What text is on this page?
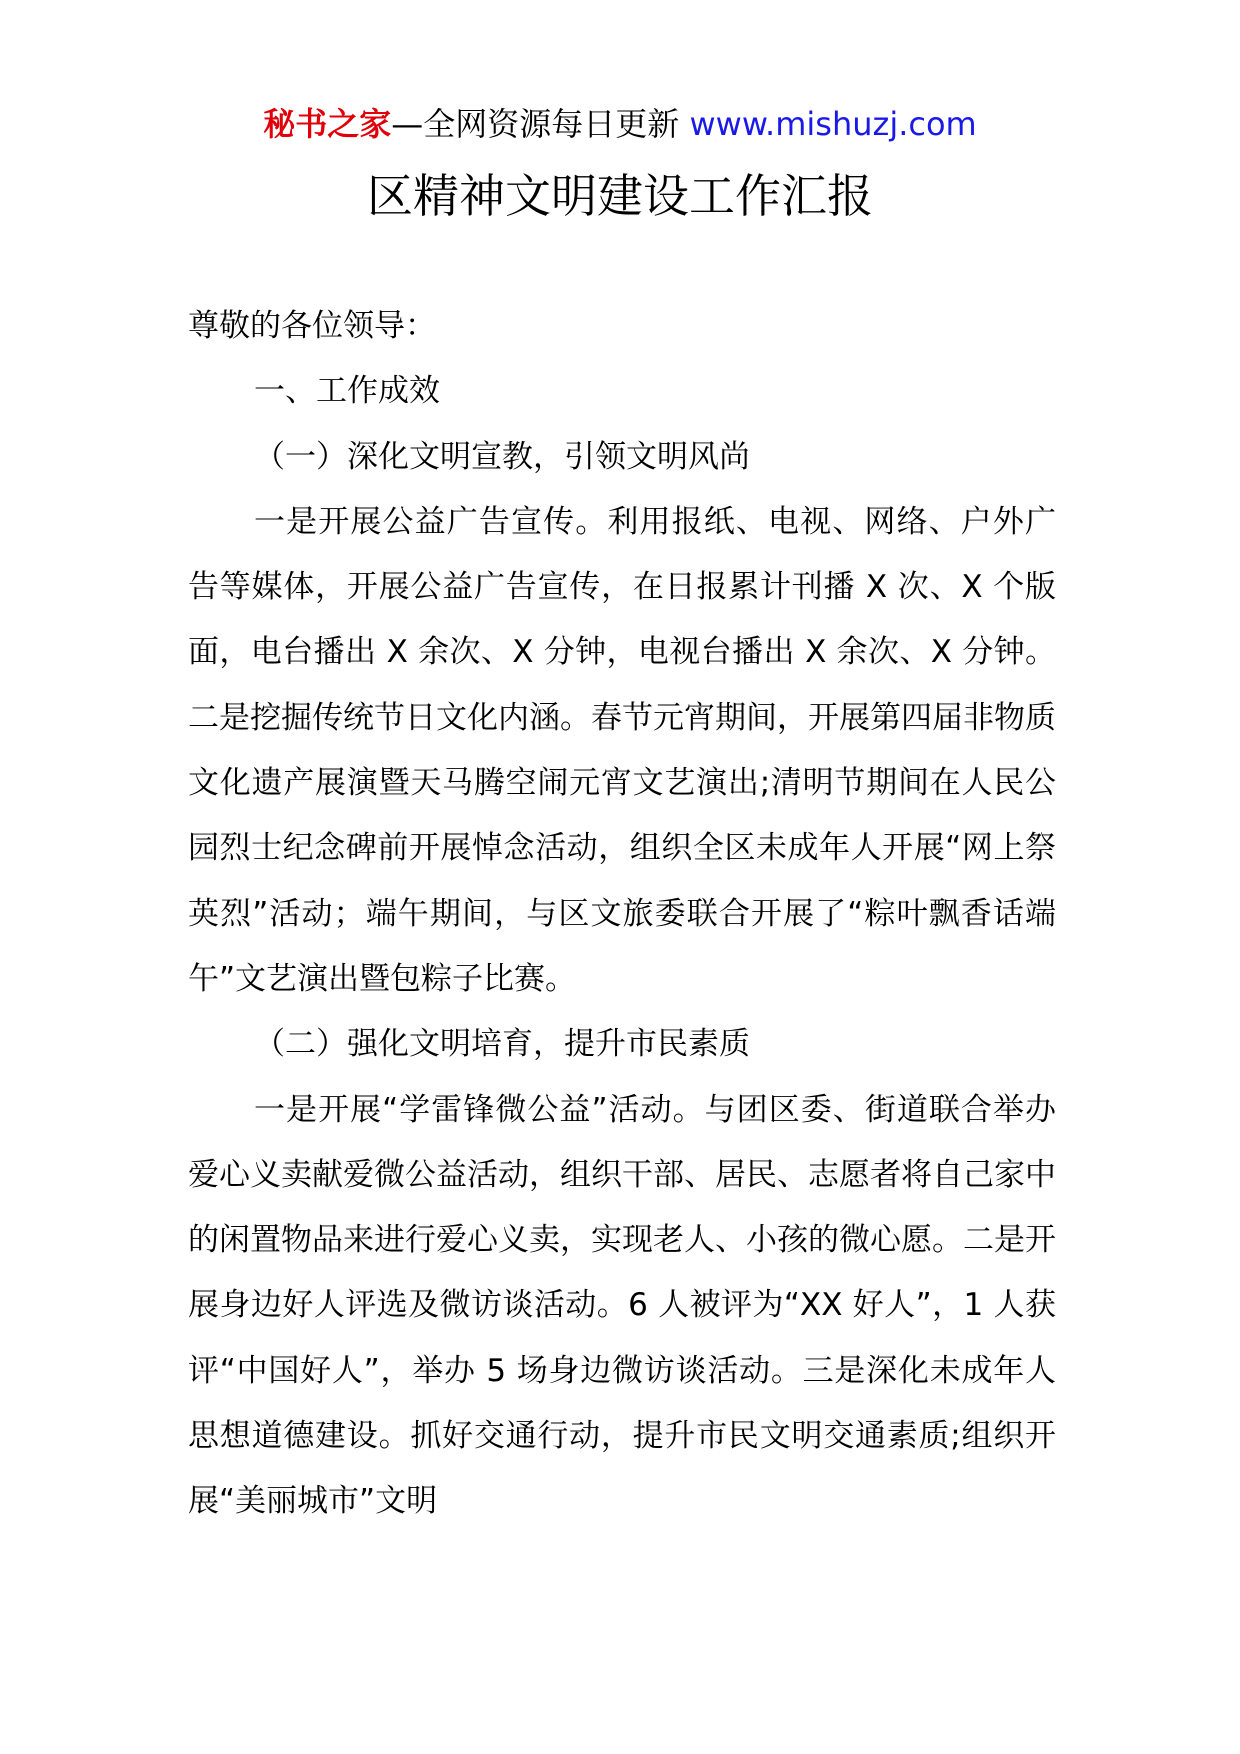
秘书之家—全网资源每日更新 www.mishuzj.com
区精神文明建设工作汇报

尊敬的各位领导：

一、工作成效

（一）深化文明宣教，引领文明风尚

一是开展公益广告宣传。利用报纸、电视、网络、户外广告等媒体，开展公益广告宣传，在日报累计刊播 X 次、X 个版面，电台播出 X 余次、X 分钟，电视台播出 X 余次、X 分钟。二是挖掘传统节日文化内涵。春节元宵期间，开展第四届非物质文化遗产展演暨天马腾空闹元宵文艺演出;清明节期间在人民公园烈士纪念碑前开展悼念活动，组织全区未成年人开展“网上祭英烈”活动；端午期间，与区文旅委联合开展了“粽叶飘香话端午”文艺演出暨包粽子比赛。

（二）强化文明培育，提升市民素质

一是开展“学雷锋微公益”活动。与团区委、街道联合举办爱心义卖献爱微公益活动，组织干部、居民、志愿者将自己家中的闲置物品来进行爱心义卖，实现老人、小孩的微心愿。二是开展身边好人评选及微访谈活动。6 人被评为“XX 好人”，1 人获评“中国好人”，举办 5 场身边微访谈活动。三是深化未成年人思想道德建设。抓好交通行动，提升市民文明交通素质;组织开展“美丽城市”文明
